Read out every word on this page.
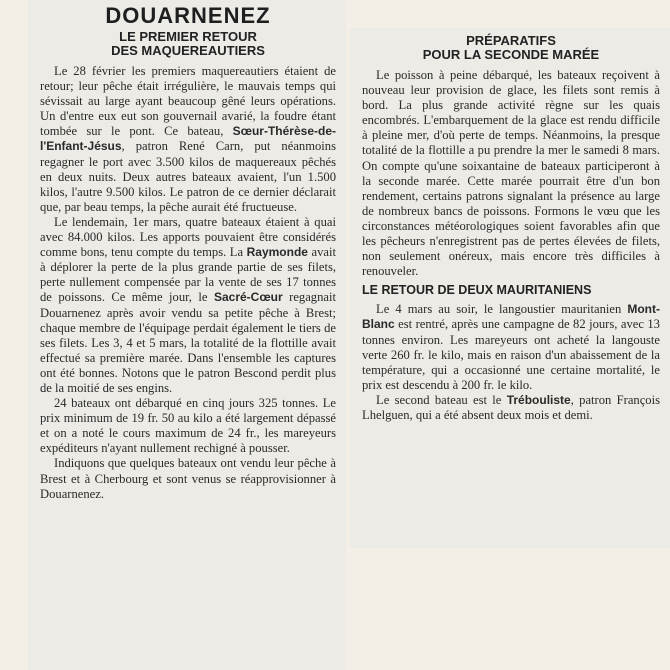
DOUARNENEZ
LE PREMIER RETOUR
DES MAQUEREAUTIERS

Le 28 février les premiers maquereautiers étaient de retour; leur pêche était irrégulière, le mauvais temps qui sévissait au large ayant beaucoup gêné leurs opérations. Un d'entre eux eut son gouvernail avarié, la foudre étant tombée sur le pont. Ce bateau, Sœur-Thérèse-de-l'Enfant-Jésus, patron René Carn, put néanmoins regagner le port avec 3.500 kilos de maquereaux pêchés en deux nuits. Deux autres bateaux avaient, l'un 1.500 kilos, l'autre 9.500 kilos. Le patron de ce dernier déclarait que, par beau temps, la pêche aurait été fructueuse.

Le lendemain, 1er mars, quatre bateaux étaient à quai avec 84.000 kilos. Les apports pouvaient être considérés comme bons, tenu compte du temps. La Raymonde avait à déplorer la perte de la plus grande partie de ses filets, perte nullement compensée par la vente de ses 17 tonnes de poissons. Ce même jour, le Sacré-Cœur regagnait Douarnenez après avoir vendu sa petite pêche à Brest; chaque membre de l'équipage perdait également le tiers de ses filets. Les 3, 4 et 5 mars, la totalité de la flottille avait effectué sa première marée. Dans l'ensemble les captures ont été bonnes. Notons que le patron Bescond perdit plus de la moitié de ses engins.

24 bateaux ont débarqué en cinq jours 325 tonnes. Le prix minimum de 19 fr. 50 au kilo a été largement dépassé et on a noté le cours maximum de 24 fr., les mareyeurs expéditeurs n'ayant nullement rechigné à pousser.

Indiquons que quelques bateaux ont vendu leur pêche à Brest et à Cherbourg et sont venus se réapprovisionner à Douarnenez.

PRÉPARATIFS
POUR LA SECONDE MARÉE

Le poisson à peine débarqué, les bateaux reçoivent à nouveau leur provision de glace, les filets sont remis à bord. La plus grande activité règne sur les quais encombrés. L'embarquement de la glace est rendu difficile à pleine mer, d'où perte de temps. Néanmoins, la presque totalité de la flottille a pu prendre la mer le samedi 8 mars. On compte qu'une soixantaine de bateaux participeront à la seconde marée. Cette marée pourrait être d'un bon rendement, certains patrons signalant la présence au large de nombreux bancs de poissons. Formons le vœu que les circonstances météorologiques soient favorables afin que les pêcheurs n'enregistrent pas de pertes élevées de filets, non seulement onéreux, mais encore très difficiles à renouveler.

LE RETOUR DE DEUX MAURITANIENS

Le 4 mars au soir, le langoustier mauritanien Mont-Blanc est rentré, après une campagne de 82 jours, avec 13 tonnes environ. Les mareyeurs ont acheté la langouste verte 260 fr. le kilo, mais en raison d'un abaissement de la température, qui a occasionné une certaine mortalité, le prix est descendu à 200 fr. le kilo.

Le second bateau est le Trébouliste, patron François Lhelguen, qui a été absent deux mois et demi.
